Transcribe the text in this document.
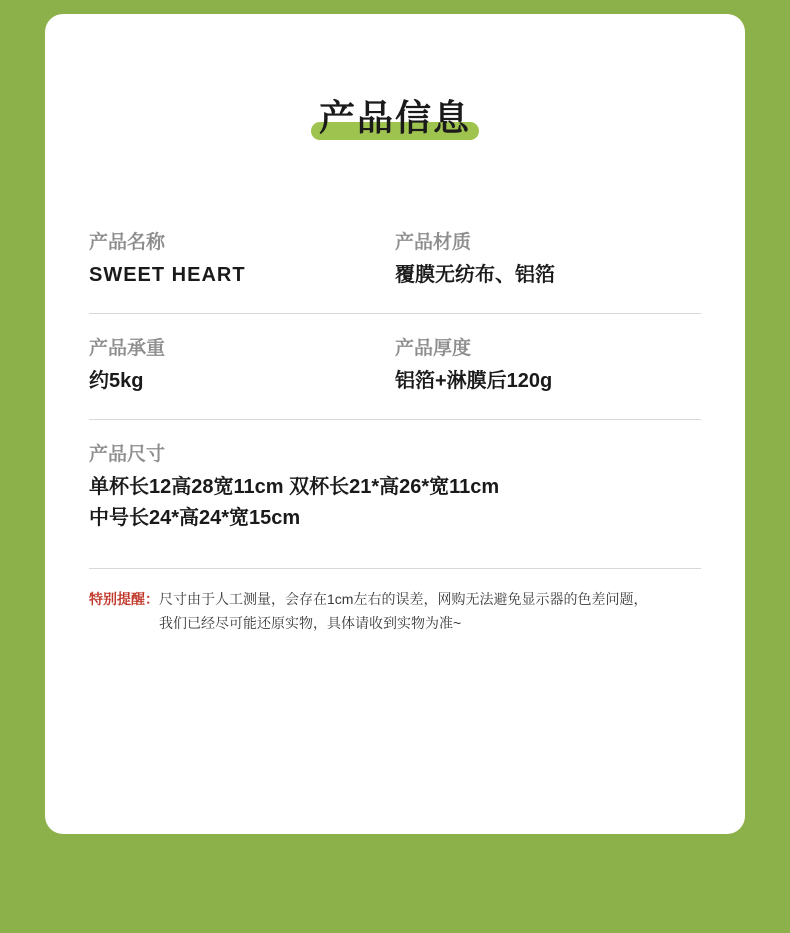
产品信息
产品名称
SWEET HEART
产品材质
覆膜无纺布、铝箔
产品承重
约5kg
产品厚度
铝箔+淋膜后120g
产品尺寸
单杯长12高28宽11cm 双杯长21*高26*宽11cm
中号长24*高24*宽15cm
特别提醒： 尺寸由于人工测量，会存在1cm左右的误差，网购无法避免显示器的色差问题，
我们已经尽可能还原实物，具体请收到实物为准~
